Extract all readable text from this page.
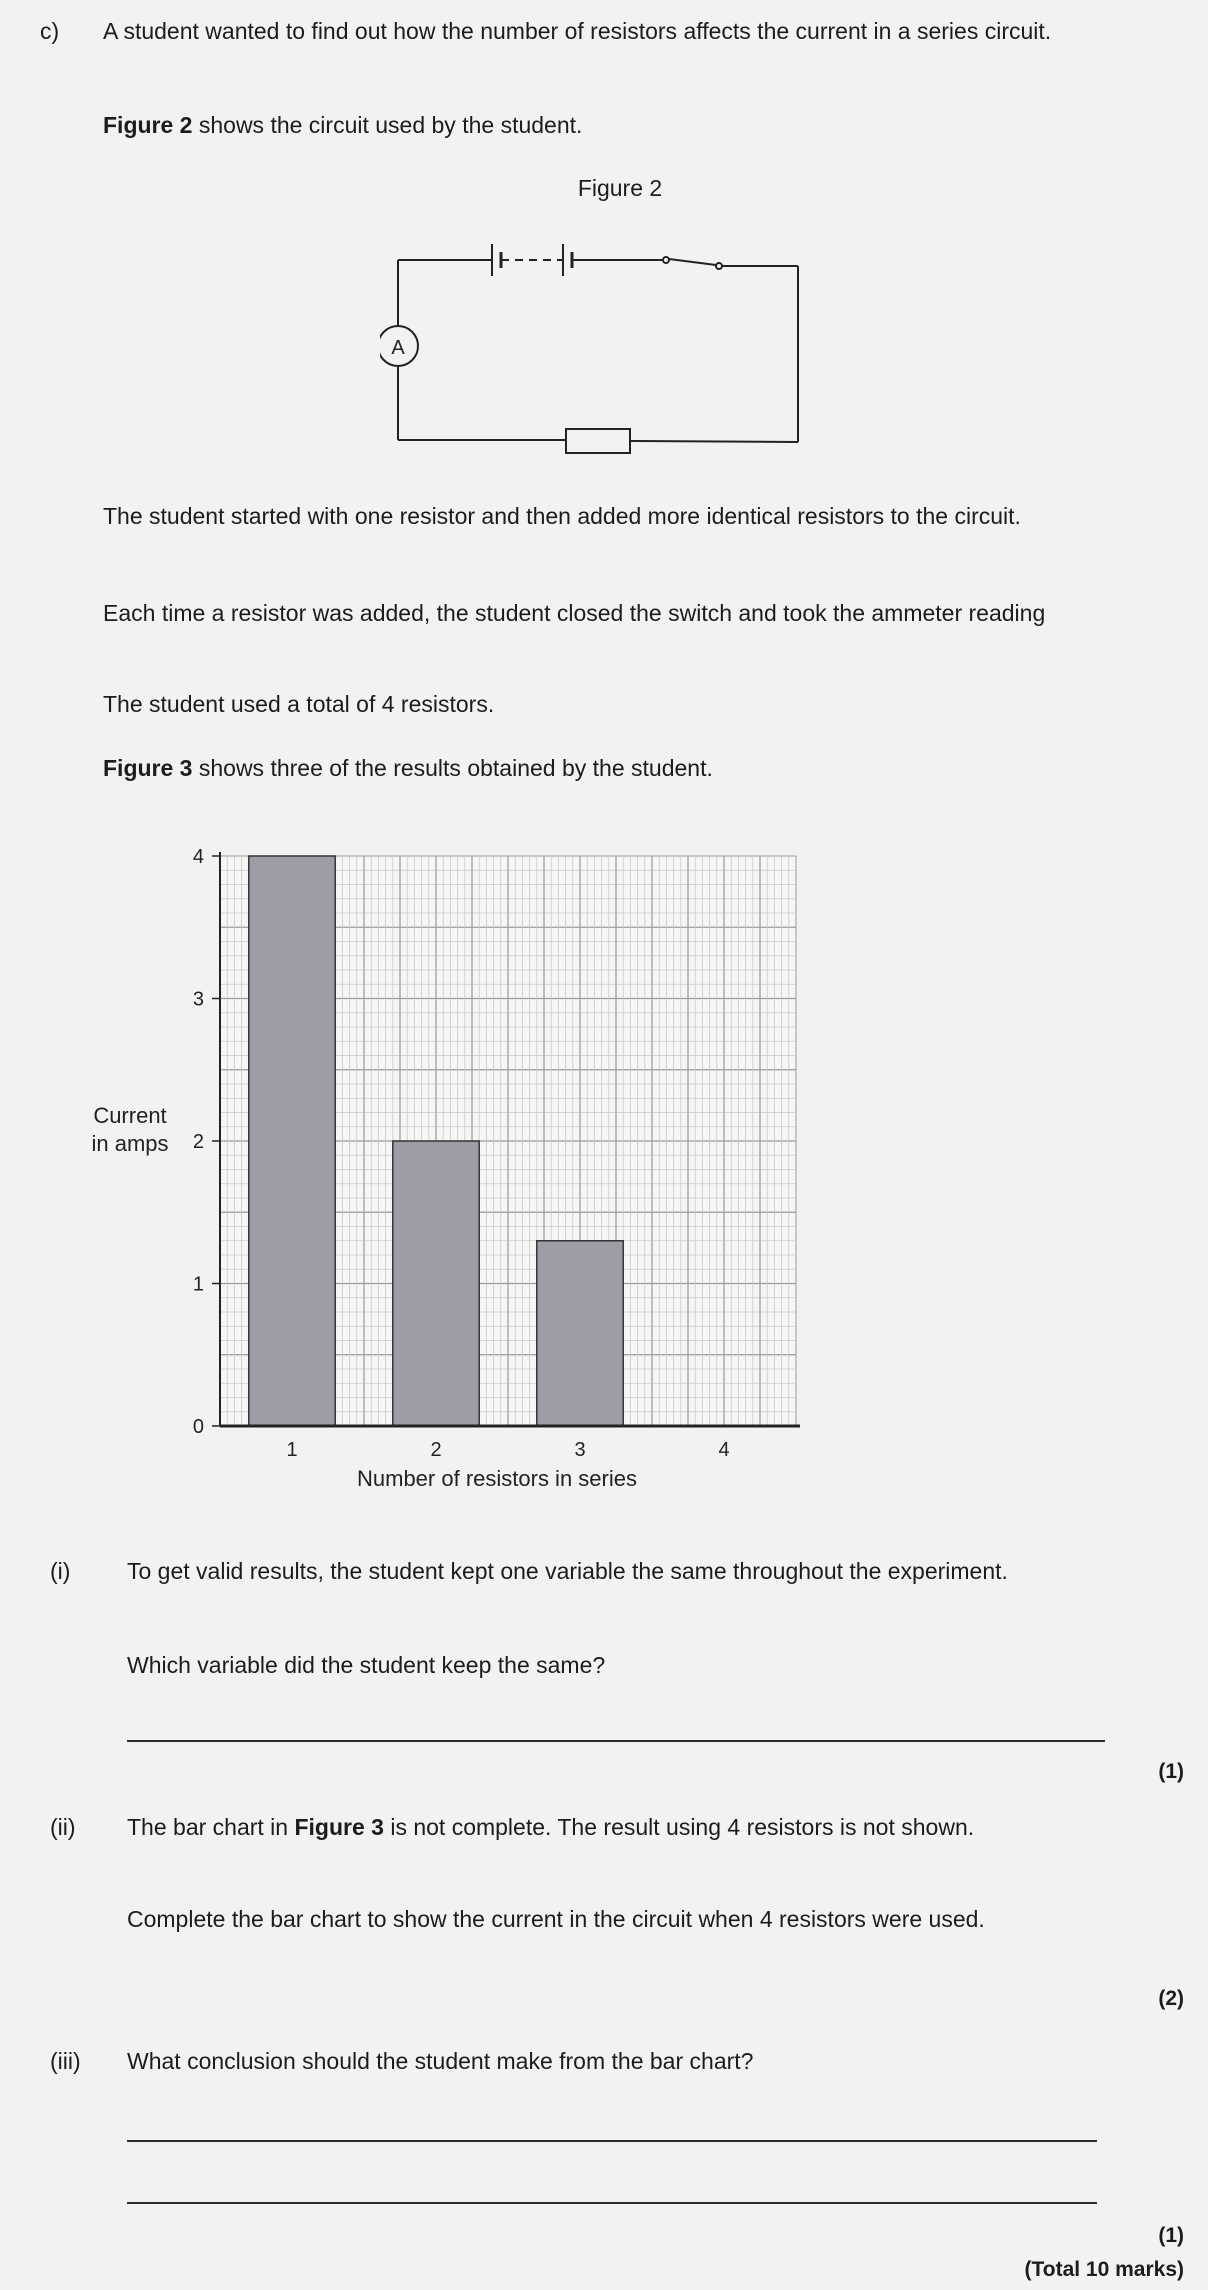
c) A student wanted to find out how the number of resistors affects the current in a series circuit.
Figure 2 shows the circuit used by the student.
Figure 2
A
The student started with one resistor and then added more identical resistors to the circuit.
Each time a resistor was added, the student closed the switch and took the ammeter reading
The student used a total of 4 resistors.
Figure 3 shows three of the results obtained by the student.
0
1
2
3
4
1	2	3	4
Current
in amps
Number of resistors in series
(i) To get valid results, the student kept one variable the same throughout the experiment.
Which variable did the student keep the same?
(1)
(ii) The bar chart in Figure 3 is not complete. The result using 4 resistors is not shown.
Complete the bar chart to show the current in the circuit when 4 resistors were used.
(2)
(iii) What conclusion should the student make from the bar chart?
(1)
(Total 10 marks)
